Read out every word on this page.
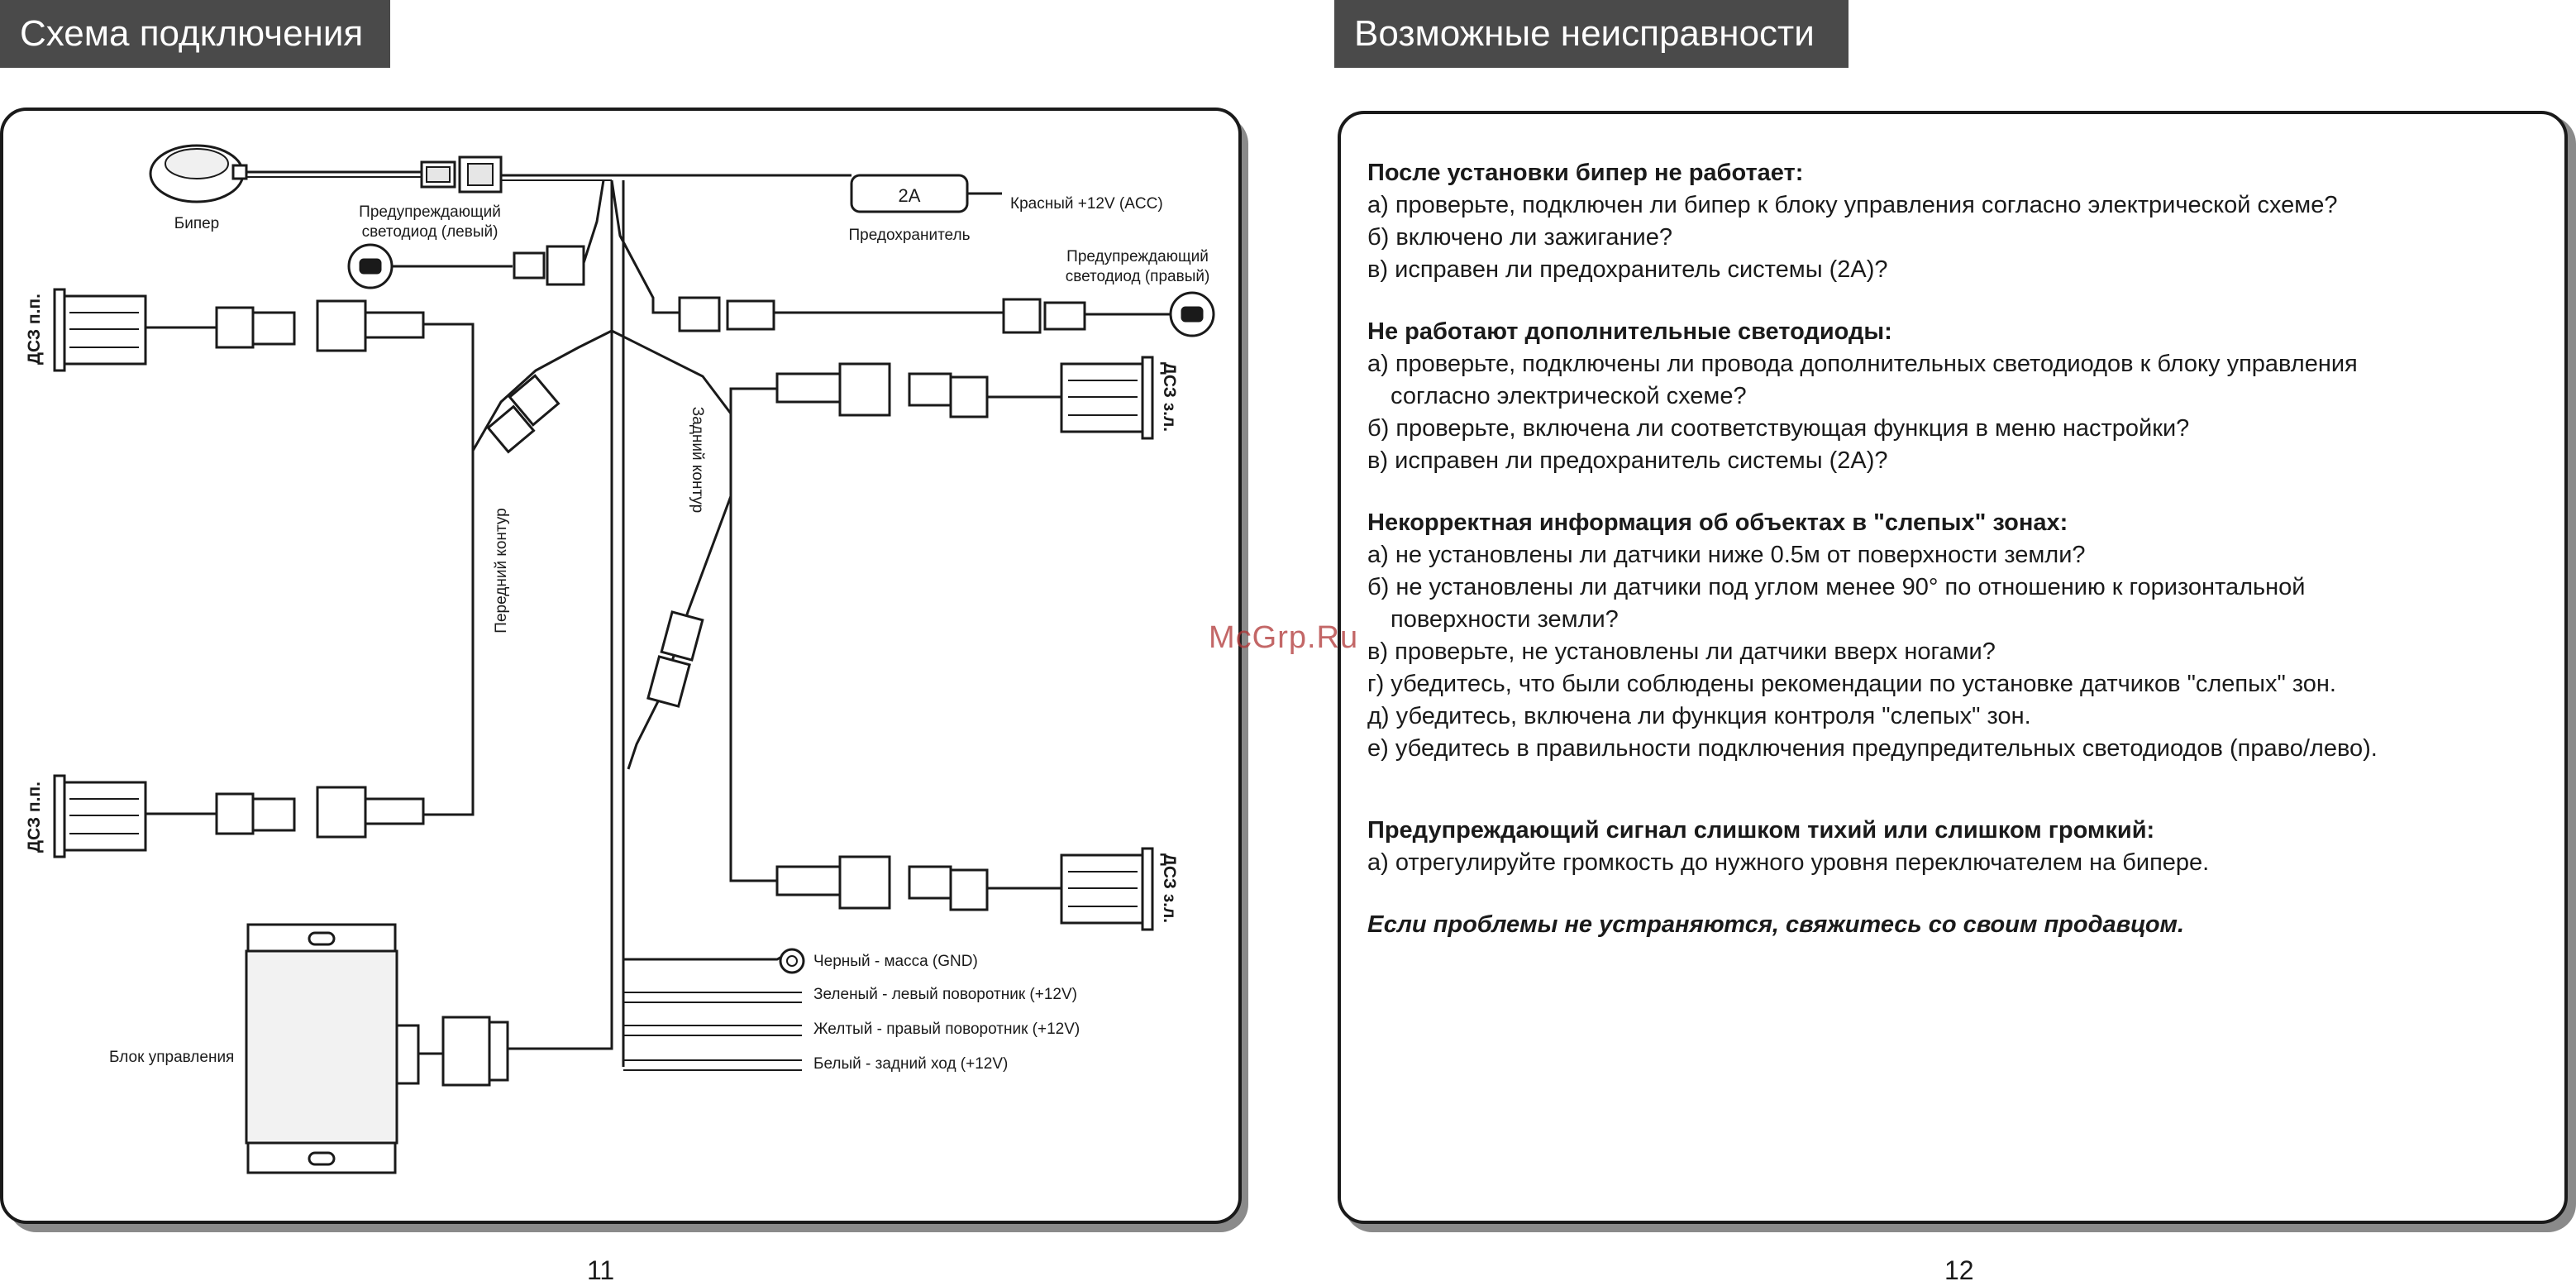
Схема подключения
Бипер
Предупреждающий
светодиод (левый)
2А
Предохранитель
Красный +12V (ACC)
Предупреждающий
светодиод (правый)
ДСЗ п.п.
ДСЗ п.п.
ДСЗ з.л.
ДСЗ з.л.
Передний контур
Задний контур
Блок управления
Черный - масса (GND)
Зеленый - левый поворотник (+12V)
Желтый - правый поворотник (+12V)
Белый - задний ход (+12V)
11
Возможные неисправности
После установки бипер не работает:
а) проверьте, подключен ли бипер к блоку управления согласно электрической схеме?
б) включено ли зажигание?
в) исправен ли предохранитель системы (2А)?
Не работают дополнительные светодиоды:
а) проверьте, подключены ли провода дополнительных светодиодов к блоку управления
согласно электрической схеме?
б) проверьте, включена ли соответствующая функция в меню настройки?
в) исправен ли предохранитель системы (2А)?
Некорректная информация об объектах в "слепых" зонах:
а) не установлены ли датчики ниже 0.5м от поверхности земли?
б) не установлены ли датчики под углом менее 90° по отношению к горизонтальной
поверхности земли?
в) проверьте, не установлены ли датчики вверх ногами?
г) убедитесь, что были соблюдены рекомендации по установке датчиков "слепых" зон.
д) убедитесь, включена ли функция контроля "слепых" зон.
е) убедитесь в правильности подключения предупредительных светодиодов (право/лево).
Предупреждающий сигнал слишком тихий или слишком громкий:
а) отрегулируйте громкость до нужного уровня переключателем на бипере.
Если проблемы не устраняются, свяжитесь со своим продавцом.
12
McGrp.Ru
